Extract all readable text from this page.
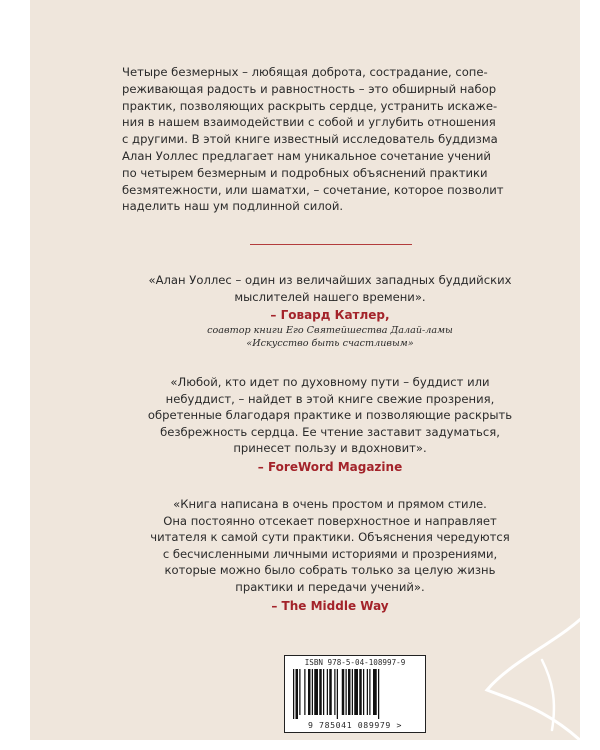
Четыре безмерных – любящая доброта, сострадание, сопе-
реживающая радость и равностность – это обширный набор
практик, позволяющих раскрыть сердце, устранить искаже-
ния в нашем взаимодействии с собой и углубить отношения
с другими. В этой книге известный исследователь буддизма
Алан Уоллес предлагает нам уникальное сочетание учений
по четырем безмерным и подробных объяснений практики
безмятежности, или шаматхи, – сочетание, которое позволит
наделить наш ум подлинной силой.

«Алан Уоллес – один из величайших западных буддийских
мыслителей нашего времени».
– Говард Катлер,
соавтор книги Его Святейшества Далай-ламы
«Искусство быть счастливым»
«Любой, кто идет по духовному пути – буддист или
небуддист, – найдет в этой книге свежие прозрения,
обретенные благодаря практике и позволяющие раскрыть
безбрежность сердца. Ее чтение заставит задуматься,
принесет пользу и вдохновит».
– ForeWord Magazine
«Книга написана в очень простом и прямом стиле.
Она постоянно отсекает поверхностное и направляет
читателя к самой сути практики. Объяснения чередуются
с бесчисленными личными историями и прозрениями,
которые можно было собрать только за целую жизнь
практики и передачи учений».
– The Middle Way
ISBN 978-5-04-108997-9
9 785041 089979 >
